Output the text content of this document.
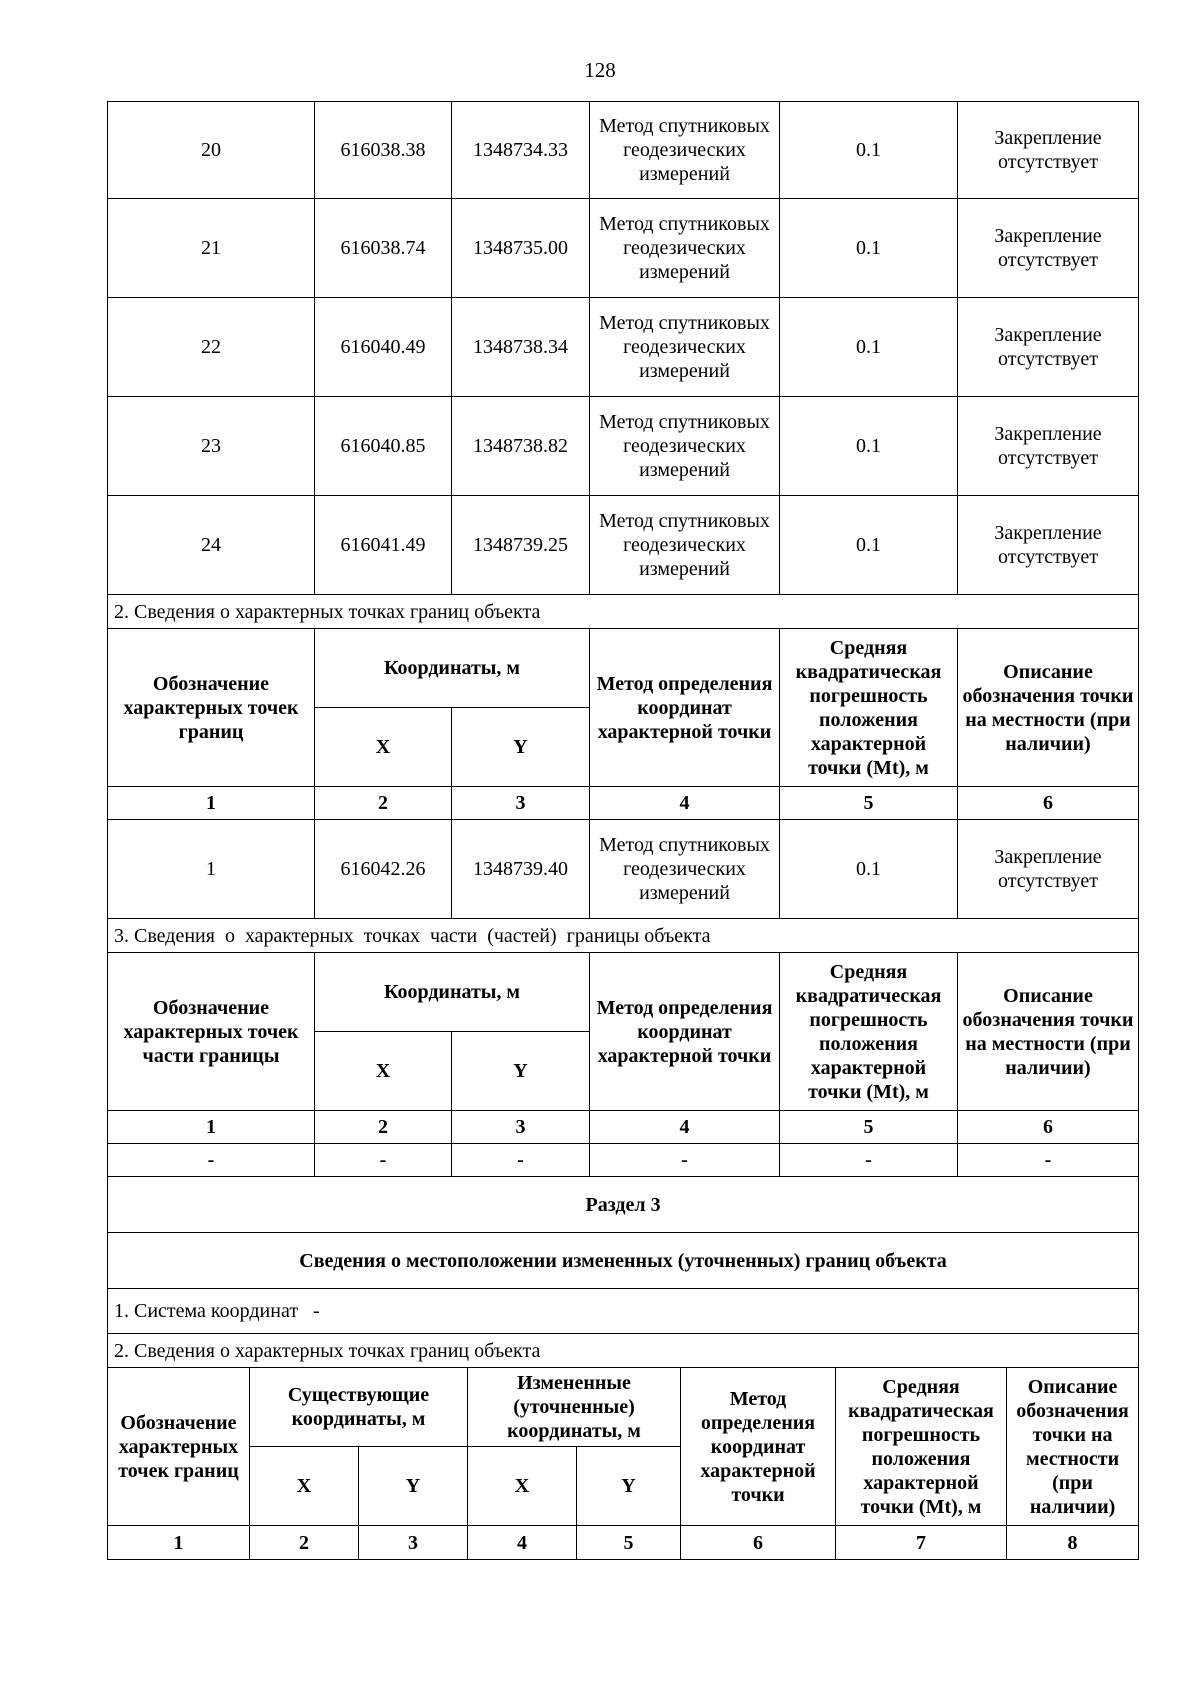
128
20	616038.38	1348734.33	Метод спутниковых геодезических измерений	0.1	Закрепление отсутствует
21	616038.74	1348735.00	Метод спутниковых геодезических измерений	0.1	Закрепление отсутствует
22	616040.49	1348738.34	Метод спутниковых геодезических измерений	0.1	Закрепление отсутствует
23	616040.85	1348738.82	Метод спутниковых геодезических измерений	0.1	Закрепление отсутствует
24	616041.49	1348739.25	Метод спутниковых геодезических измерений	0.1	Закрепление отсутствует
2. Сведения о характерных точках границ объекта					
Обозначение характерных точек границ	Координаты, м		Метод определения координат характерной точки	Средняя квадратическая погрешность положения характерной точки (Mt), м	Описание обозначения точки на местности (при наличии)
	X	Y			
1	2	3	4	5	6
1	616042.26	1348739.40	Метод спутниковых геодезических измерений	0.1	Закрепление отсутствует
3. Сведения  о  характерных  точках  части  (частей)  границы объекта					
Обозначение характерных точек части границы	Координаты, м		Метод определения координат характерной точки	Средняя квадратическая погрешность положения характерной точки (Mt), м	Описание обозначения точки на местности (при наличии)
	X	Y			
1	2	3	4	5	6
-	-	-	-	-	-
Раздел 3							
Сведения о местоположении измененных (уточненных) границ объекта							
1. Система координат   -							
2. Сведения о характерных точках границ объекта							
Обозначение характерных точек границ	Существующие координаты, м		Измененные (уточненные) координаты, м		Метод определения координат характерной точки	Средняя квадратическая погрешность положения характерной точки (Mt), м	Описание обозначения точки на местности (при наличии)
	X	Y	X	Y			
1	2	3	4	5	6	7	8
